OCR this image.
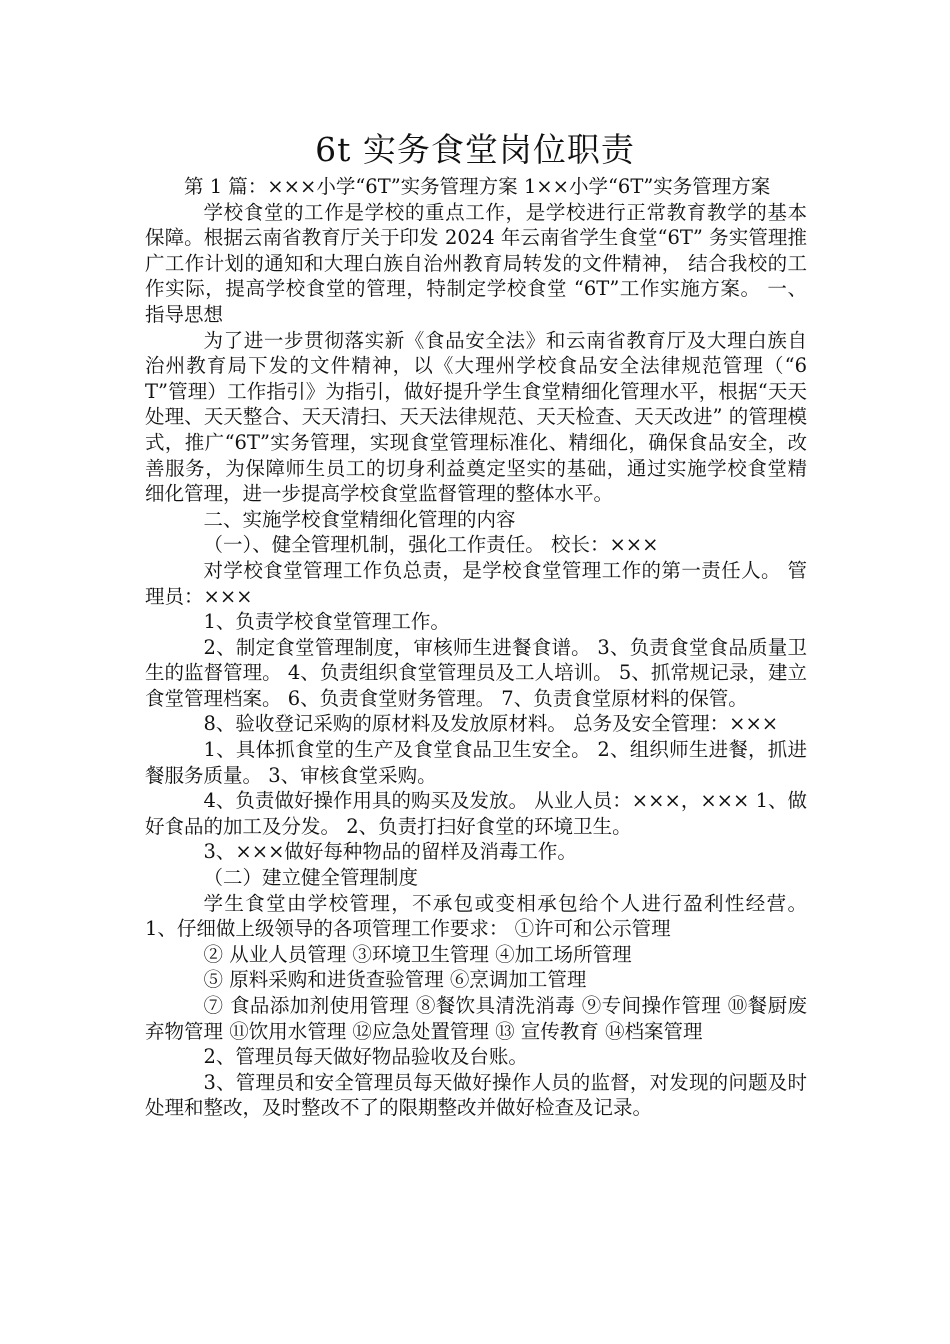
6t 实务食堂岗位职责

第 1 篇：×××小学“6T”实务管理方案 1××小学“6T”实务管理方案

学校食堂的工作是学校的重点工作，是学校进行正常教育教学的基本保障。根据云南省教育厅关于印发 2024 年云南省学生食堂“6T” 务实管理推广工作计划的通知和大理白族自治州教育局转发的文件精神， 结合我校的工作实际，提高学校食堂的管理，特制定学校食堂 “6T”工作实施方案。 一、指导思想

为了进一步贯彻落实新《食品安全法》和云南省教育厅及大理白族自治州教育局下发的文件精神，以《大理州学校食品安全法律规范管理（“6T”管理）工作指引》为指引，做好提升学生食堂精细化管理水平，根据“天天处理、天天整合、天天清扫、天天法律规范、天天检查、天天改进” 的管理模式，推广“6T”实务管理，实现食堂管理标准化、精细化，确保食品安全，改善服务，为保障师生员工的切身利益奠定坚实的基础，通过实施学校食堂精细化管理，进一步提高学校食堂监督管理的整体水平。

二、实施学校食堂精细化管理的内容

（一）、健全管理机制，强化工作责任。 校长：×××

对学校食堂管理工作负总责，是学校食堂管理工作的第一责任人。 管理员：×××

1、负责学校食堂管理工作。

2、制定食堂管理制度，审核师生进餐食谱。 3、负责食堂食品质量卫生的监督管理。 4、负责组织食堂管理员及工人培训。 5、抓常规记录，建立食堂管理档案。 6、负责食堂财务管理。 7、负责食堂原材料的保管。

8、验收登记采购的原材料及发放原材料。 总务及安全管理：×××

1、具体抓食堂的生产及食堂食品卫生安全。 2、组织师生进餐，抓进餐服务质量。 3、审核食堂采购。

4、负责做好操作用具的购买及发放。 从业人员：×××，××× 1、做好食品的加工及分发。 2、负责打扫好食堂的环境卫生。

3、×××做好每种物品的留样及消毒工作。

（二）建立健全管理制度

学生食堂由学校管理，不承包或变相承包给个人进行盈利性经营。 1、仔细做上级领导的各项管理工作要求： ①许可和公示管理

② 从业人员管理 ③环境卫生管理 ④加工场所管理

⑤ 原料采购和进货查验管理 ⑥烹调加工管理

⑦ 食品添加剂使用管理 ⑧餐饮具清洗消毒 ⑨专间操作管理 ⑩餐厨废弃物管理 ⑪饮用水管理 ⑫应急处置管理 ⑬ 宣传教育 ⑭档案管理

2、管理员每天做好物品验收及台账。

3、管理员和安全管理员每天做好操作人员的监督，对发现的问题及时处理和整改，及时整改不了的限期整改并做好检查及记录。
